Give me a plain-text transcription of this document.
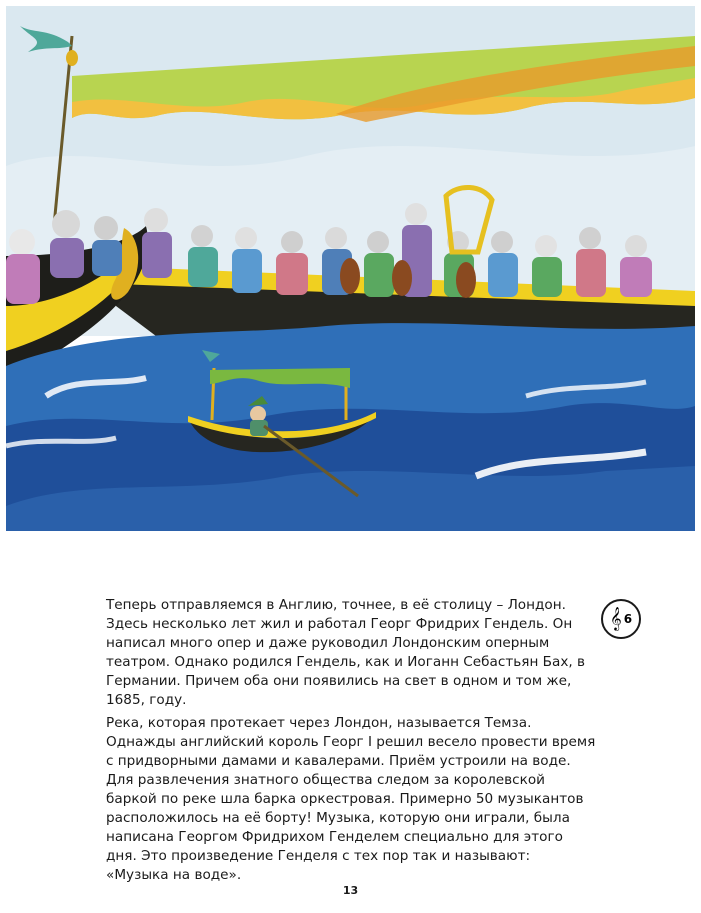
Теперь отправляемся в Англию, точнее, в её столицу – Лондон.
Здесь несколько лет жил и работал Георг Фридрих Гендель. Он написал много опер и даже руководил Лондонским оперным театром. Однако родился Гендель, как и Иоганн Себастьян Бах, в Германии. Причем оба они появились на свет в одном и том же, 1685, году.

Река, которая протекает через Лондон, называется Темза.
Однажды английский король Георг I решил весело провести время
с придворными дамами и кавалерами. Приём устроили на воде.
Для развлечения знатного общества следом за королевской
баркой по реке шла барка оркестровая. Примерно 50 музыкантов расположилось на её борту! Музыка, которую они играли, была написана Георгом Фридрихом Генделем специально для этого дня. Это произведение Генделя с тех пор так и называют: «Музыка на воде».

𝄞 6
13
